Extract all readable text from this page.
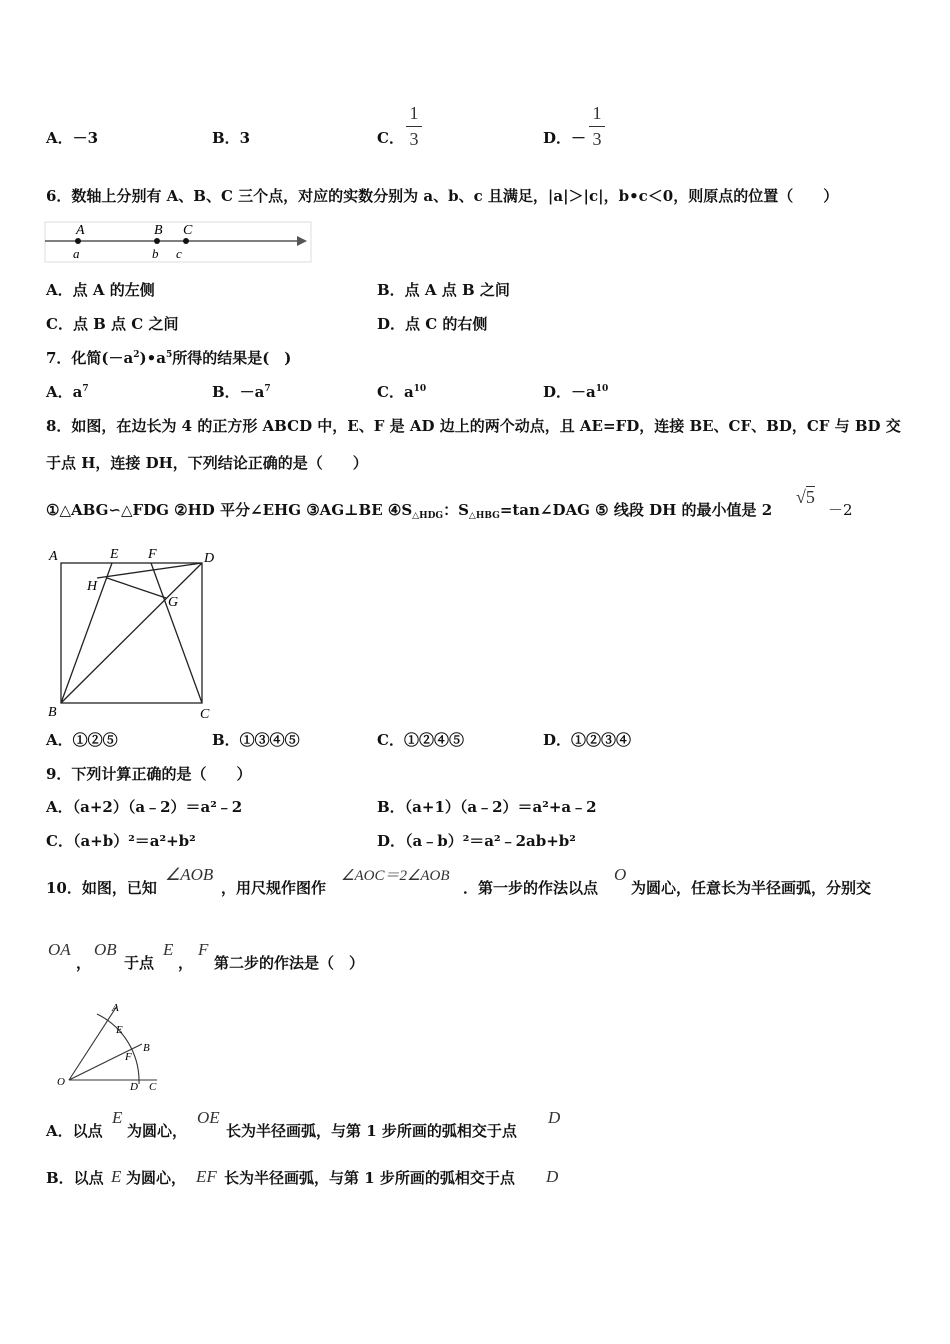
A．－3	B．3	C．
1
3	D．－
1
3
6．数轴上分别有 A、B、C 三个点，对应的实数分别为 a、b、c 且满足，|a|＞|c|，b•c＜0，则原点的位置（　　）
A	B C
a	b c
A．点 A 的左侧	B．点 A 点 B 之间
C．点 B 点 C 之间	D．点 C 的右侧
7．化简$(-a^2)•a^5$所得的结果是(　)
A．$a^7$	B．$-a^7$	C．$a^{10}$	D．$-a^{10}$
8．如图，在边长为 4 的正方形 ABCD 中，E、F 是 AD 边上的两个动点，且 AE=FD，连接 BE、CF、BD，CF 与 BD 交
于点 H，连接 DH，下列结论正确的是（　　）
①△ABG∽△FDG ②HD 平分∠EHG ③AG⊥BE $④S_{\triangle HDG}$：$S_{\triangle HBG}=\tan\angle DAG$ ⑤ 线段 DH 的最小值是 2
√5
－2
A	E F	D
H
G
B	C
A．①②⑤	B．①③④⑤	C．①②④⑤	D．①②③④
9．下列计算正确的是（　　）
A．（a+2）（a﹣2）＝a²﹣2	B．（a+1）（a﹣2）＝a²+a﹣2
C．（a+b）²＝a²+b²	D．（a﹣b）²＝a²﹣2ab+b²
10．如图，已知
∠AOB
，用尺规作图作
∠AOC＝2∠AOB
．第一步的作法以点
O
为圆心，任意长为半径画弧，分别交
OA
，
OB
于点
E
，
F
第二步的作法是（　）
A
E
F
B
O	D C
A．以点
E
为圆心，
OE
长为半径画弧，与第 1 步所画的弧相交于点
D
B．以点 E 为圆心， EF 长为半径画弧，与第 1 步所画的弧相交于点 D
